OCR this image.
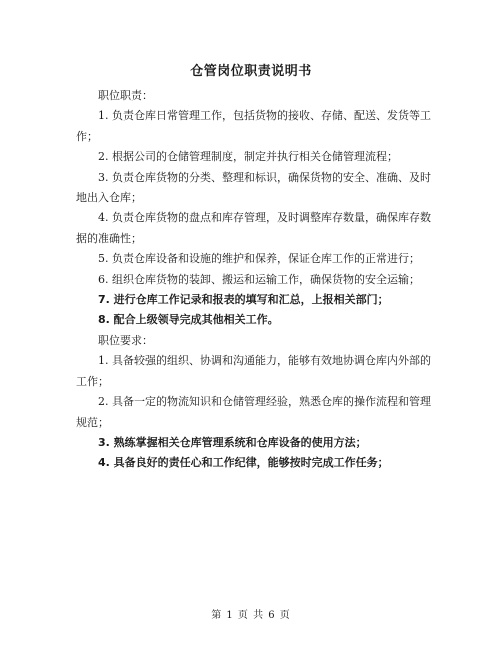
仓管岗位职责说明书

职位职责：

1. 负责仓库日常管理工作，包括货物的接收、存储、配送、发货等工作；

2. 根据公司的仓储管理制度，制定并执行相关仓储管理流程；

3. 负责仓库货物的分类、整理和标识，确保货物的安全、准确、及时地出入仓库；

4. 负责仓库货物的盘点和库存管理，及时调整库存数量，确保库存数据的准确性；

5. 负责仓库设备和设施的维护和保养，保证仓库工作的正常进行；

6. 组织仓库货物的装卸、搬运和运输工作，确保货物的安全运输；

7. 进行仓库工作记录和报表的填写和汇总，上报相关部门；

8. 配合上级领导完成其他相关工作。

职位要求：

1. 具备较强的组织、协调和沟通能力，能够有效地协调仓库内外部的工作；

2. 具备一定的物流知识和仓储管理经验，熟悉仓库的操作流程和管理规范；

3. 熟练掌握相关仓库管理系统和仓库设备的使用方法；

4. 具备良好的责任心和工作纪律，能够按时完成工作任务；

第 1 页 共 6 页
